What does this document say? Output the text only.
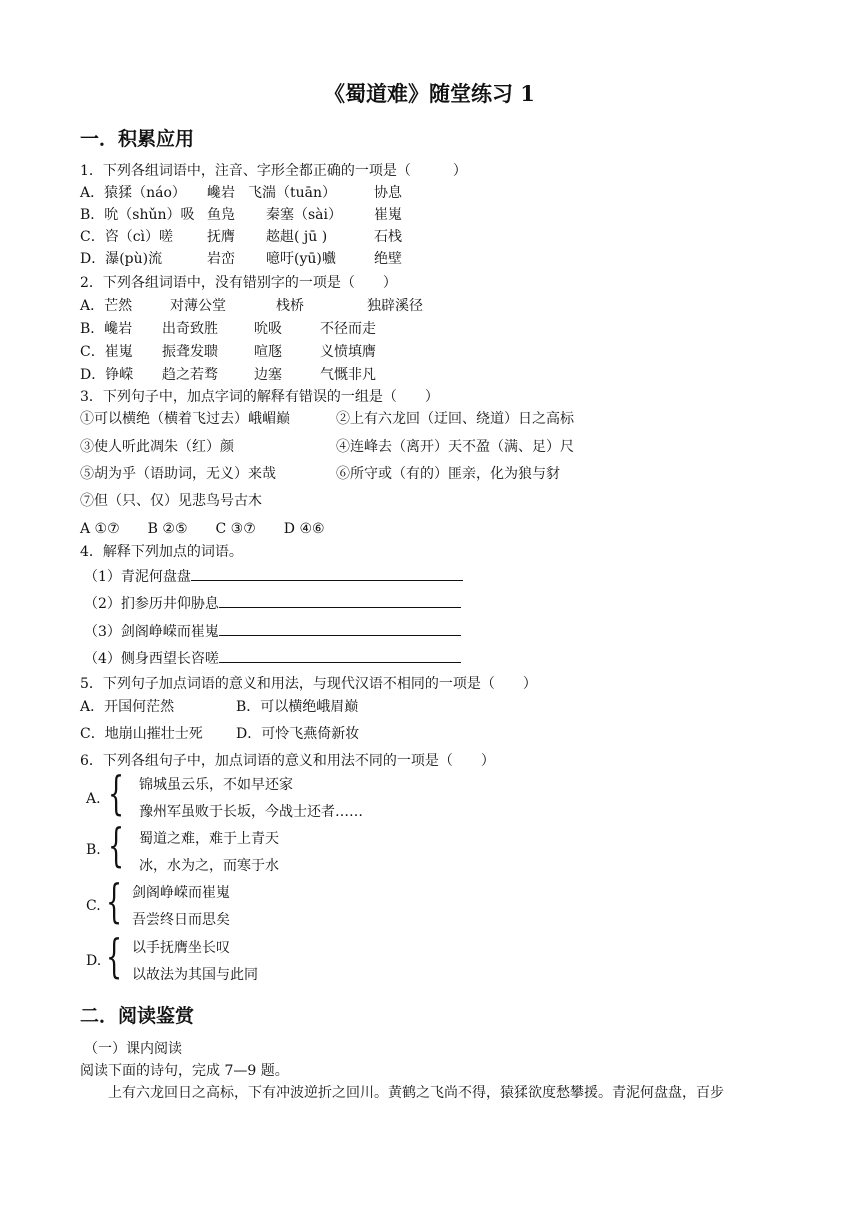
《蜀道难》随堂练习 1
一．积累应用
1．下列各组词语中，注音、字形全都正确的一项是（　　　）
A．猿猱（náo） 巉岩 飞湍（tuān）	协息
B．吮（shǔn）吸 鱼凫 秦塞（sài） 崔嵬
C．咨（cì）嗟 抚膺 趑趄( jū )	石栈
D．瀑(pù)流	岩峦 噫吁(yū)嚱	绝壁
2．下列各组词语中，没有错别字的一项是（　　）
A．芒然	对薄公堂	栈桥	独辟溪径
B．巉岩 出奇致胜	吮吸	不径而走
C．崔嵬 振聋发聩	喧豗	义愤填膺
D．铮嵘 趋之若骛	边塞	气慨非凡
3．下列句子中，加点字词的解释有错误的一组是（　　）
①可以横绝（横着飞过去）峨嵋巅	②上有六龙回（迂回、绕道）日之高标
③使人听此凋朱（红）颜	④连峰去（离开）天不盈（满、足）尺
⑤胡为乎（语助词，无义）来哉	⑥所守或（有的）匪亲，化为狼与豺
⑦但（只、仅）见悲鸟号古木
A ①⑦　　B ②⑤　　C ③⑦　　D ④⑥
4．解释下列加点的词语。
（1）青泥何盘盘
（2）扪参历井仰胁息
（3）剑阁峥嵘而崔嵬
（4）侧身西望长咨嗟
5．下列句子加点词语的意义和用法，与现代汉语不相同的一项是（　　）
A．开国何茫然	B．可以横绝峨眉巅
C．地崩山摧壮士死 D．可怜飞燕倚新妆
6．下列各组句子中，加点词语的意义和用法不同的一项是（　　）
A. { 锦城虽云乐，不如早还家
豫州军虽败于长坂，今战士还者……
B. { 蜀道之难，难于上青天
冰，水为之，而寒于水
C. { 剑阁峥嵘而崔嵬
吾尝终日而思矣
D. { 以手抚膺坐长叹
以故法为其国与此同
二．阅读鉴赏
（一）课内阅读
阅读下面的诗句，完成 7—9 题。
上有六龙回日之高标，下有冲波逆折之回川。黄鹤之飞尚不得，猿猱欲度愁攀援。青泥何盘盘，百步
